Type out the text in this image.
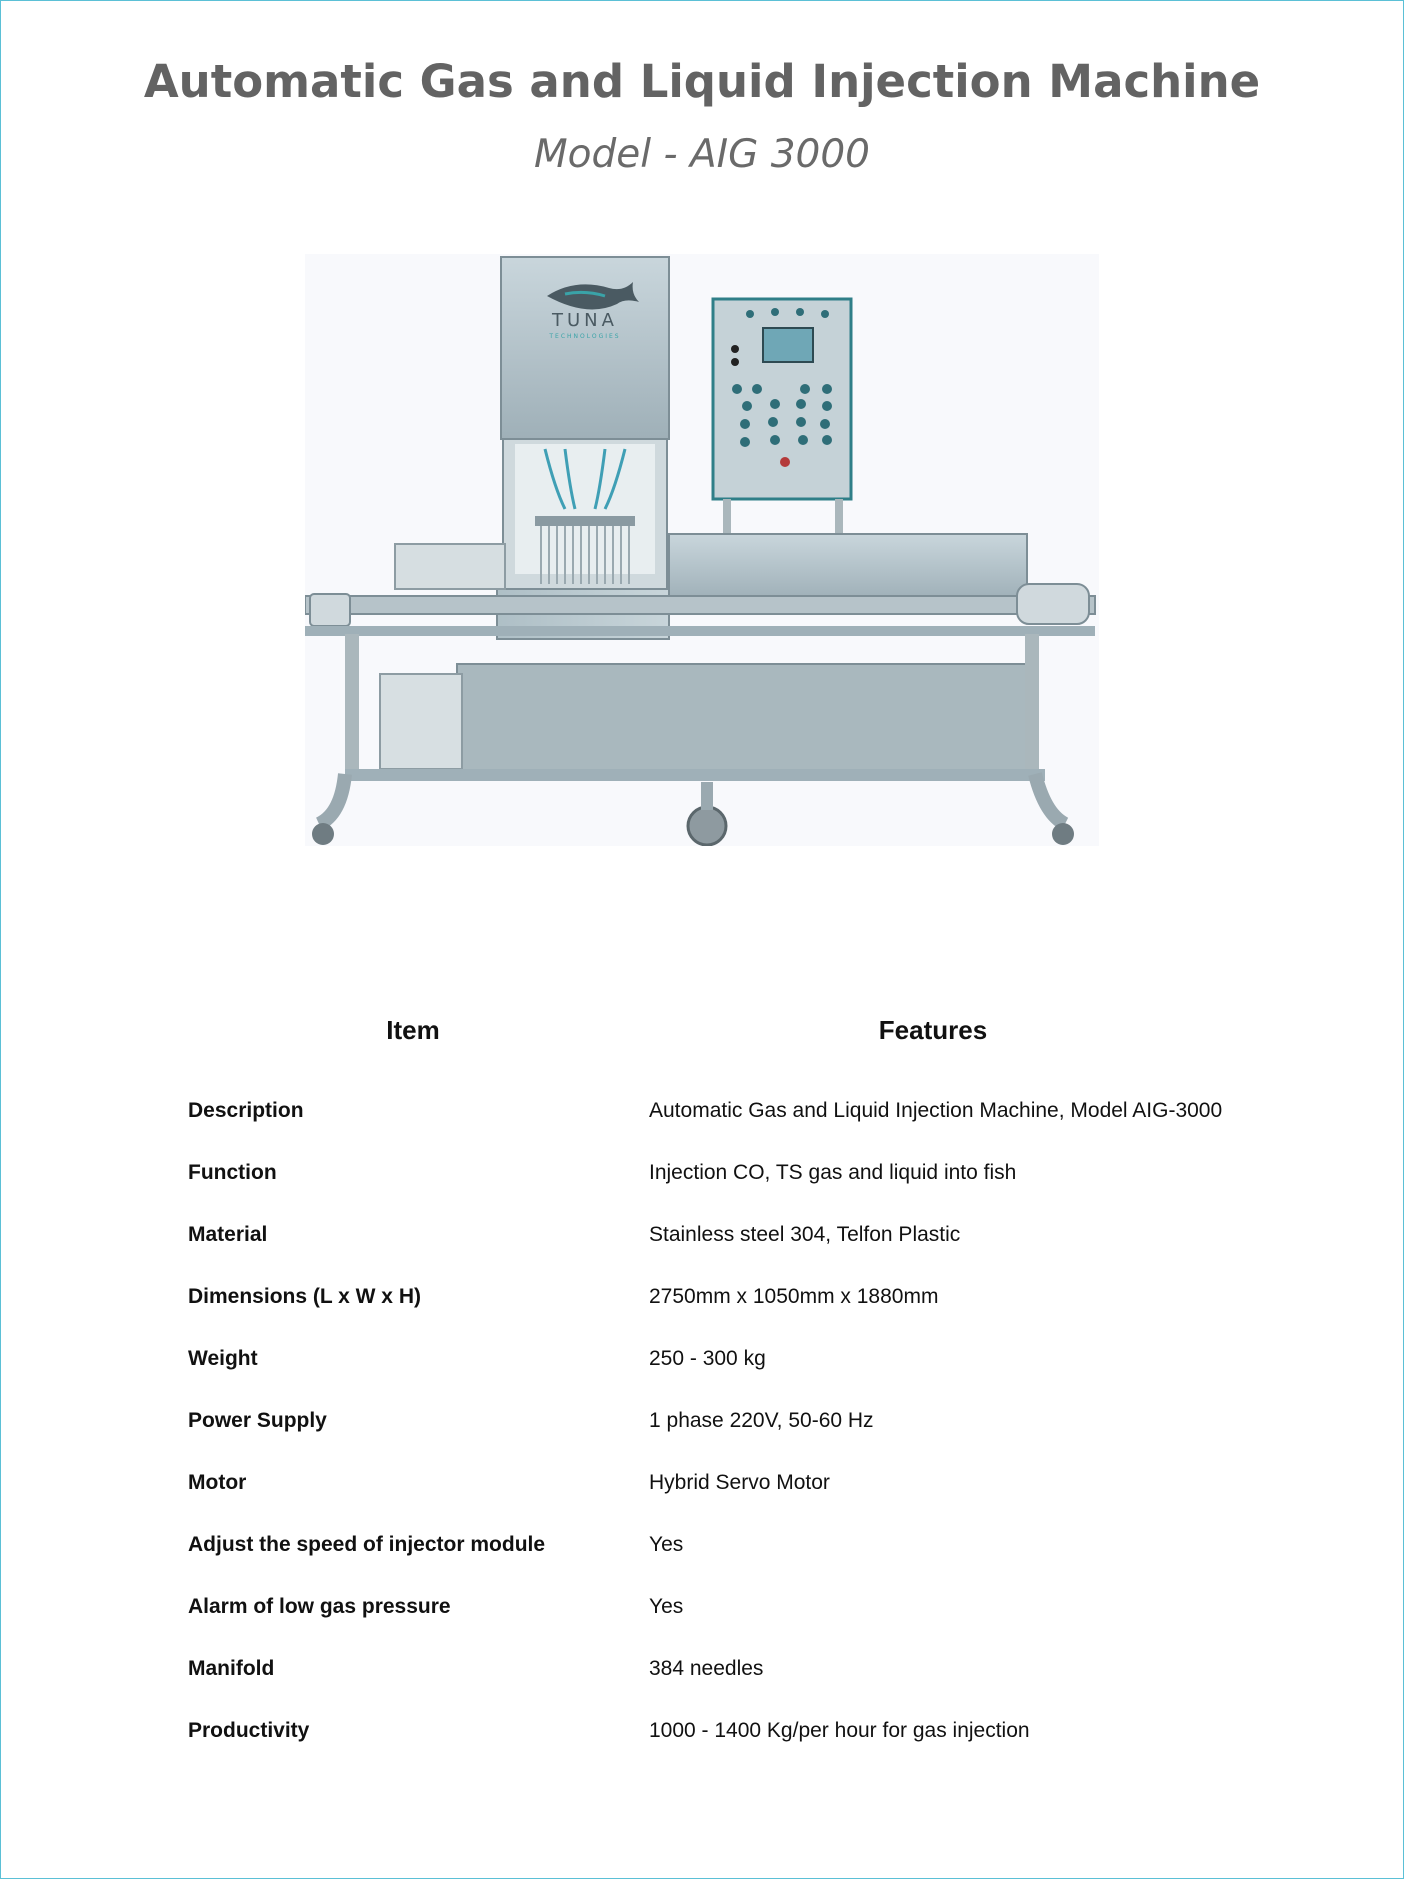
Automatic Gas and Liquid Injection Machine
Model - AIG 3000
TUNA
TECHNOLOGIES
Item	Features
Description	Automatic Gas and Liquid Injection Machine, Model AIG-3000
Function	Injection CO, TS gas and liquid into fish
Material	Stainless steel 304, Telfon Plastic
Dimensions (L x W x H)	2750mm x 1050mm x 1880mm
Weight	250 - 300 kg
Power Supply	1 phase 220V, 50-60 Hz
Motor	Hybrid Servo Motor
Adjust the speed of injector module	Yes
Alarm of low gas pressure	Yes
Manifold	384 needles
Productivity	1000 - 1400 Kg/per hour for gas injection
